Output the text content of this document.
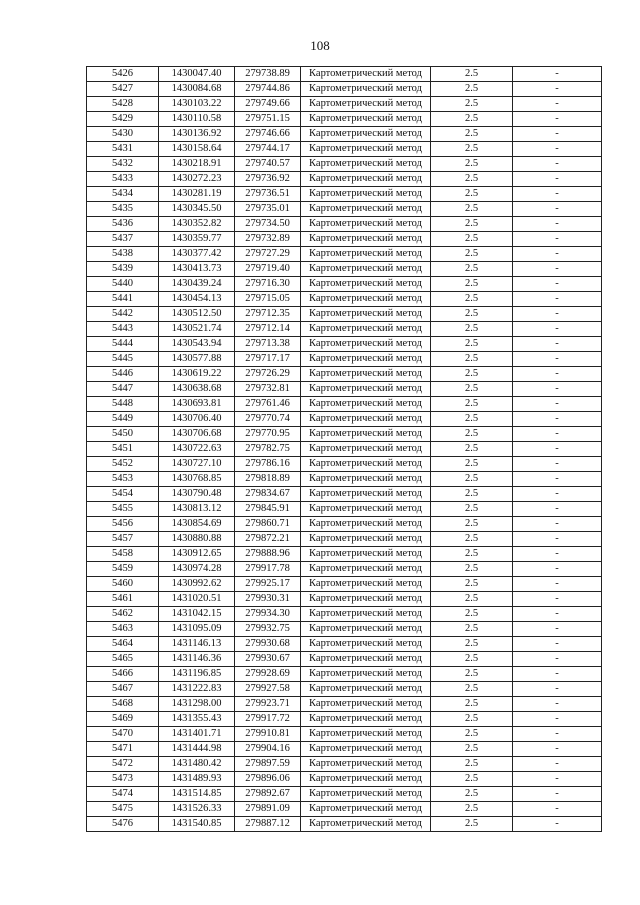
108
5426	1430047.40	279738.89	Картометрический метод	2.5	-
5427	1430084.68	279744.86	Картометрический метод	2.5	-
5428	1430103.22	279749.66	Картометрический метод	2.5	-
5429	1430110.58	279751.15	Картометрический метод	2.5	-
5430	1430136.92	279746.66	Картометрический метод	2.5	-
5431	1430158.64	279744.17	Картометрический метод	2.5	-
5432	1430218.91	279740.57	Картометрический метод	2.5	-
5433	1430272.23	279736.92	Картометрический метод	2.5	-
5434	1430281.19	279736.51	Картометрический метод	2.5	-
5435	1430345.50	279735.01	Картометрический метод	2.5	-
5436	1430352.82	279734.50	Картометрический метод	2.5	-
5437	1430359.77	279732.89	Картометрический метод	2.5	-
5438	1430377.42	279727.29	Картометрический метод	2.5	-
5439	1430413.73	279719.40	Картометрический метод	2.5	-
5440	1430439.24	279716.30	Картометрический метод	2.5	-
5441	1430454.13	279715.05	Картометрический метод	2.5	-
5442	1430512.50	279712.35	Картометрический метод	2.5	-
5443	1430521.74	279712.14	Картометрический метод	2.5	-
5444	1430543.94	279713.38	Картометрический метод	2.5	-
5445	1430577.88	279717.17	Картометрический метод	2.5	-
5446	1430619.22	279726.29	Картометрический метод	2.5	-
5447	1430638.68	279732.81	Картометрический метод	2.5	-
5448	1430693.81	279761.46	Картометрический метод	2.5	-
5449	1430706.40	279770.74	Картометрический метод	2.5	-
5450	1430706.68	279770.95	Картометрический метод	2.5	-
5451	1430722.63	279782.75	Картометрический метод	2.5	-
5452	1430727.10	279786.16	Картометрический метод	2.5	-
5453	1430768.85	279818.89	Картометрический метод	2.5	-
5454	1430790.48	279834.67	Картометрический метод	2.5	-
5455	1430813.12	279845.91	Картометрический метод	2.5	-
5456	1430854.69	279860.71	Картометрический метод	2.5	-
5457	1430880.88	279872.21	Картометрический метод	2.5	-
5458	1430912.65	279888.96	Картометрический метод	2.5	-
5459	1430974.28	279917.78	Картометрический метод	2.5	-
5460	1430992.62	279925.17	Картометрический метод	2.5	-
5461	1431020.51	279930.31	Картометрический метод	2.5	-
5462	1431042.15	279934.30	Картометрический метод	2.5	-
5463	1431095.09	279932.75	Картометрический метод	2.5	-
5464	1431146.13	279930.68	Картометрический метод	2.5	-
5465	1431146.36	279930.67	Картометрический метод	2.5	-
5466	1431196.85	279928.69	Картометрический метод	2.5	-
5467	1431222.83	279927.58	Картометрический метод	2.5	-
5468	1431298.00	279923.71	Картометрический метод	2.5	-
5469	1431355.43	279917.72	Картометрический метод	2.5	-
5470	1431401.71	279910.81	Картометрический метод	2.5	-
5471	1431444.98	279904.16	Картометрический метод	2.5	-
5472	1431480.42	279897.59	Картометрический метод	2.5	-
5473	1431489.93	279896.06	Картометрический метод	2.5	-
5474	1431514.85	279892.67	Картометрический метод	2.5	-
5475	1431526.33	279891.09	Картометрический метод	2.5	-
5476	1431540.85	279887.12	Картометрический метод	2.5	-
